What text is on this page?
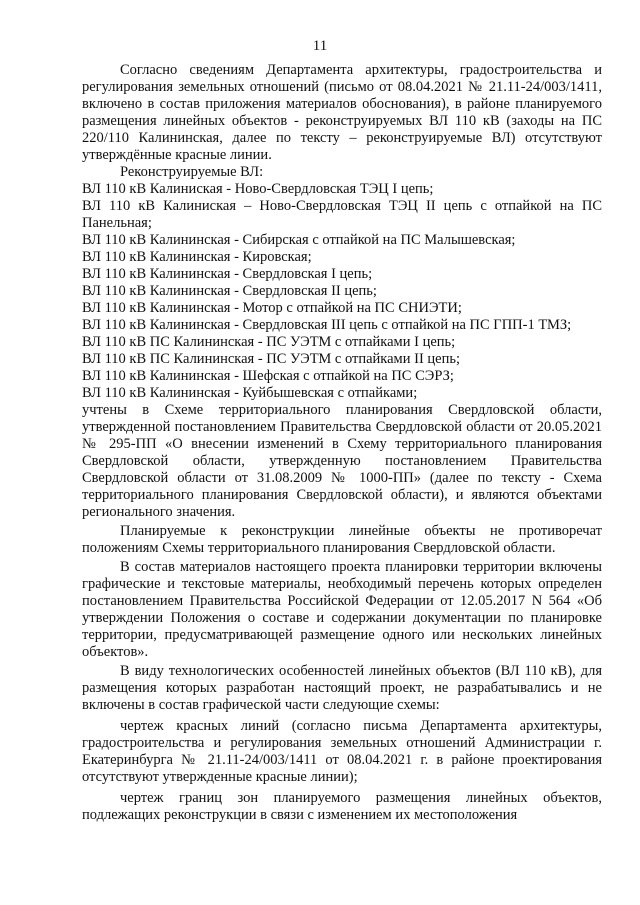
11

Согласно сведениям Департамента архитектуры, градостроительства и регулирования земельных отношений (письмо от 08.04.2021 № 21.11-24/003/1411, включено в состав приложения материалов обоснования), в районе планируемого размещения линейных объектов - реконструируемых ВЛ 110 кВ (заходы на ПС 220/110 Калининская, далее по тексту – реконструируемые ВЛ) отсутствуют утверждённые красные линии.

Реконструируемые ВЛ:

ВЛ 110 кВ Калиниская - Ново-Свердловская ТЭЦ I цепь;

ВЛ 110 кВ Калиниская – Ново-Свердловская ТЭЦ II цепь с отпайкой на ПС Панельная;

ВЛ 110 кВ Калининская - Сибирская с отпайкой на ПС Малышевская;

ВЛ 110 кВ Калининская - Кировская;

ВЛ 110 кВ Калининская - Свердловская I цепь;

ВЛ 110 кВ Калининская - Свердловская II цепь;

ВЛ 110 кВ Калининская - Мотор с отпайкой на ПС СНИЭТИ;

ВЛ 110 кВ Калининская - Свердловская III цепь с отпайкой на ПС ГПП-1 ТМЗ;

ВЛ 110 кВ ПС Калининская - ПС УЭТМ с отпайками I цепь;

ВЛ 110 кВ ПС Калининская - ПС УЭТМ с отпайками II цепь;

ВЛ 110 кВ Калининская - Шефская с отпайкой на ПС СЭРЗ;

ВЛ 110 кВ Калининская - Куйбышевская с отпайками;

учтены в Схеме территориального планирования Свердловской области, утвержденной постановлением Правительства Свердловской области от 20.05.2021 № 295-ПП «О внесении изменений в Схему территориального планирования Свердловской области, утвержденную постановлением Правительства Свердловской области от 31.08.2009 № 1000-ПП» (далее по тексту - Схема территориального планирования Свердловской области), и являются объектами регионального значения.

Планируемые к реконструкции линейные объекты не противоречат положениям Схемы территориального планирования Свердловской области.

В состав материалов настоящего проекта планировки территории включены графические и текстовые материалы, необходимый перечень которых определен постановлением Правительства Российской Федерации от 12.05.2017 N 564 «Об утверждении Положения о составе и содержании документации по планировке территории, предусматривающей размещение одного или нескольких линейных объектов».

В виду технологических особенностей линейных объектов (ВЛ 110 кВ), для размещения которых разработан настоящий проект, не разрабатывались и не включены в состав графической части следующие схемы:

чертеж красных линий (согласно письма Департамента архитектуры, градостроительства и регулирования земельных отношений Администрации г. Екатеринбурга № 21.11-24/003/1411 от 08.04.2021 г. в районе проектирования отсутствуют утвержденные красные линии);

чертеж границ зон планируемого размещения линейных объектов, подлежащих реконструкции в связи с изменением их местоположения
